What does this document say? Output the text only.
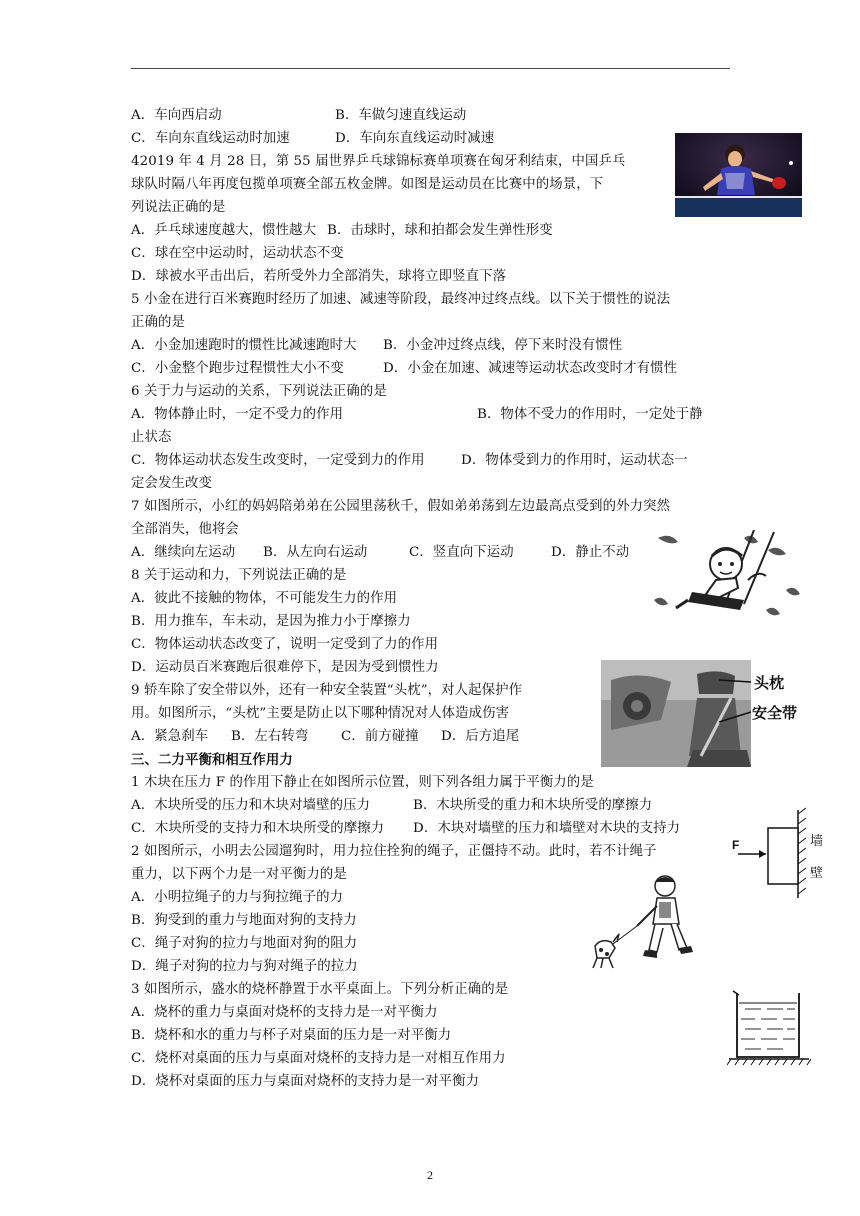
A．车向西启动	B．车做匀速直线运动
C．车向东直线运动时加速	D．车向东直线运动时减速
42019 年 4 月 28 日，第 55 届世界乒乓球锦标赛单项赛在匈牙利结束，中国乒乓
球队时隔八年再度包揽单项赛全部五枚金牌。如图是运动员在比赛中的场景，下
列说法正确的是
A．乒乓球速度越大，惯性越大 B．击球时，球和拍都会发生弹性形变
C．球在空中运动时，运动状态不变
D．球被水平击出后，若所受外力全部消失，球将立即竖直下落
5 小金在进行百米赛跑时经历了加速、减速等阶段，最终冲过终点线。以下关于惯性的说法
正确的是
A．小金加速跑时的惯性比减速跑时大 B．小金冲过终点线，停下来时没有惯性
C．小金整个跑步过程惯性大小不变	D．小金在加速、减速等运动状态改变时才有惯性
6 关于力与运动的关系，下列说法正确的是
A．物体静止时，一定不受力的作用	B．物体不受力的作用时，一定处于静
止状态
C．物体运动状态发生改变时，一定受到力的作用	D．物体受到力的作用时，运动状态一
定会发生改变
7 如图所示，小红的妈妈陪弟弟在公园里荡秋千，假如弟弟荡到左边最高点受到的外力突然
全部消失，他将会
A．继续向左运动 B．从左向右运动	C．竖直向下运动	D．静止不动
8 关于运动和力，下列说法正确的是
A．彼此不接触的物体，不可能发生力的作用
B．用力推车，车未动，是因为推力小于摩擦力
C．物体运动状态改变了，说明一定受到了力的作用
D．运动员百米赛跑后很难停下，是因为受到惯性力
9 轿车除了安全带以外，还有一种安全装置“头枕”，对人起保护作
用。如图所示，“头枕”主要是防止以下哪种情况对人体造成伤害
A．紧急刹车 B．左右转弯 C．前方碰撞 D．后方追尾
三、二力平衡和相互作用力
1 木块在压力 F 的作用下静止在如图所示位置，则下列各组力属于平衡力的是
A．木块所受的压力和木块对墙壁的压力	B．木块所受的重力和木块所受的摩擦力
C．木块所受的支持力和木块所受的摩擦力 D．木块对墙壁的压力和墙壁对木块的支持力
2 如图所示，小明去公园遛狗时，用力拉住拴狗的绳子，正僵持不动。此时，若不计绳子
重力，以下两个力是一对平衡力的是
A．小明拉绳子的力与狗拉绳子的力
B．狗受到的重力与地面对狗的支持力
C．绳子对狗的拉力与地面对狗的阻力
D．绳子对狗的拉力与狗对绳子的拉力
3 如图所示，盛水的烧杯静置于水平桌面上。下列分析正确的是
A．烧杯的重力与桌面对烧杯的支持力是一对平衡力
B．烧杯和水的重力与杯子对桌面的压力是一对平衡力
C．烧杯对桌面的压力与桌面对烧杯的支持力是一对相互作用力
D．烧杯对桌面的压力与桌面对烧杯的支持力是一对平衡力
头枕
安全带
F	墙
壁
2
